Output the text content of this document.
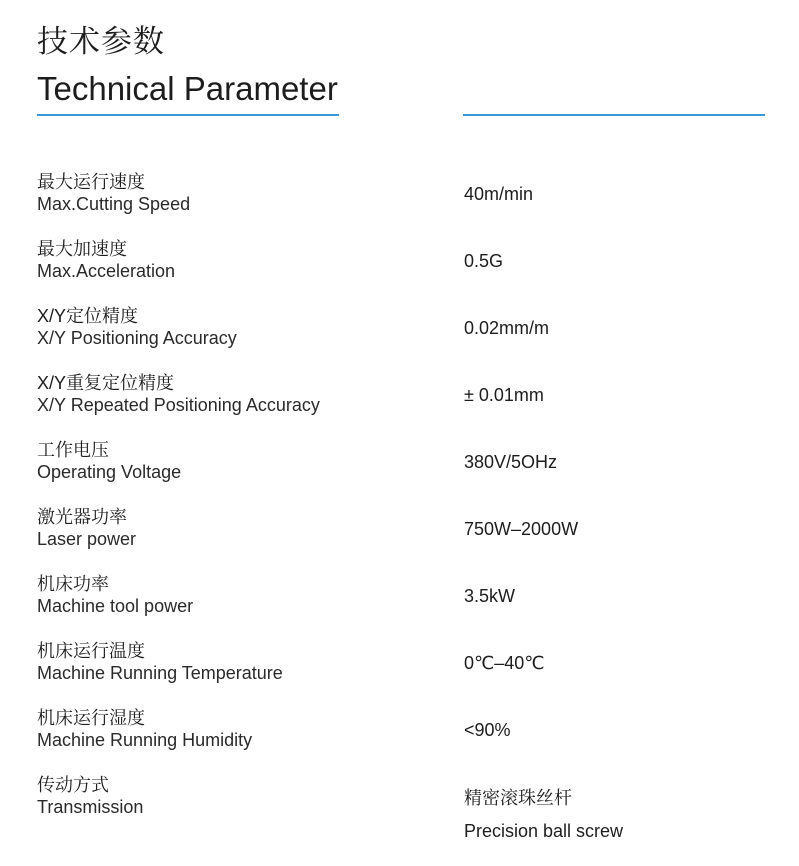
技术参数
Technical Parameter
最大运行速度
Max.Cutting Speed	40m/min
最大加速度
Max.Acceleration	0.5G
X/Y定位精度
X/Y Positioning Accuracy	0.02mm/m
X/Y重复定位精度
X/Y Repeated Positioning Accuracy	± 0.01mm
工作电压
Operating Voltage	380V/5OHz
激光器功率
Laser power	750W–2000W
机床功率
Machine tool power	3.5kW
机床运行温度
Machine Running Temperature	0℃–40℃
机床运行湿度
Machine Running Humidity	<90%
传动方式
Transmission	精密滚珠丝杆
Precision ball screw
